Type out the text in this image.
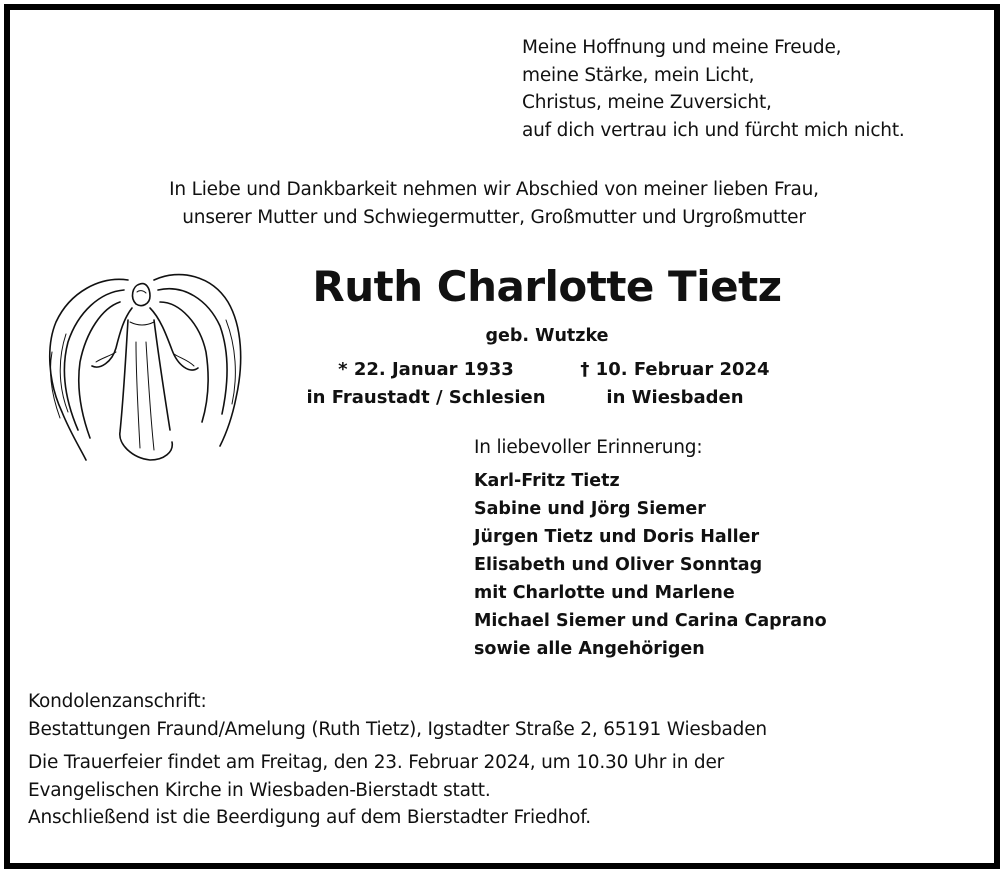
Meine Hoffnung und meine Freude,
meine Stärke, mein Licht,
Christus, meine Zuversicht,
auf dich vertrau ich und fürcht mich nicht.
In Liebe und Dankbarkeit nehmen wir Abschied von meiner lieben Frau,
unserer Mutter und Schwiegermutter, Großmutter und Urgroßmutter
Ruth Charlotte Tietz
geb. Wutzke
* 22. Januar 1933
in Fraustadt / Schlesien
† 10. Februar 2024
in Wiesbaden
In liebevoller Erinnerung:
Karl-Fritz Tietz
Sabine und Jörg Siemer
Jürgen Tietz und Doris Haller
Elisabeth und Oliver Sonntag
mit Charlotte und Marlene
Michael Siemer und Carina Caprano
sowie alle Angehörigen
Kondolenzanschrift:
Bestattungen Fraund/Amelung (Ruth Tietz), Igstadter Straße 2, 65191 Wiesbaden
Die Trauerfeier findet am Freitag, den 23. Februar 2024, um 10.30 Uhr in der
Evangelischen Kirche in Wiesbaden-Bierstadt statt.
Anschließend ist die Beerdigung auf dem Bierstadter Friedhof.
